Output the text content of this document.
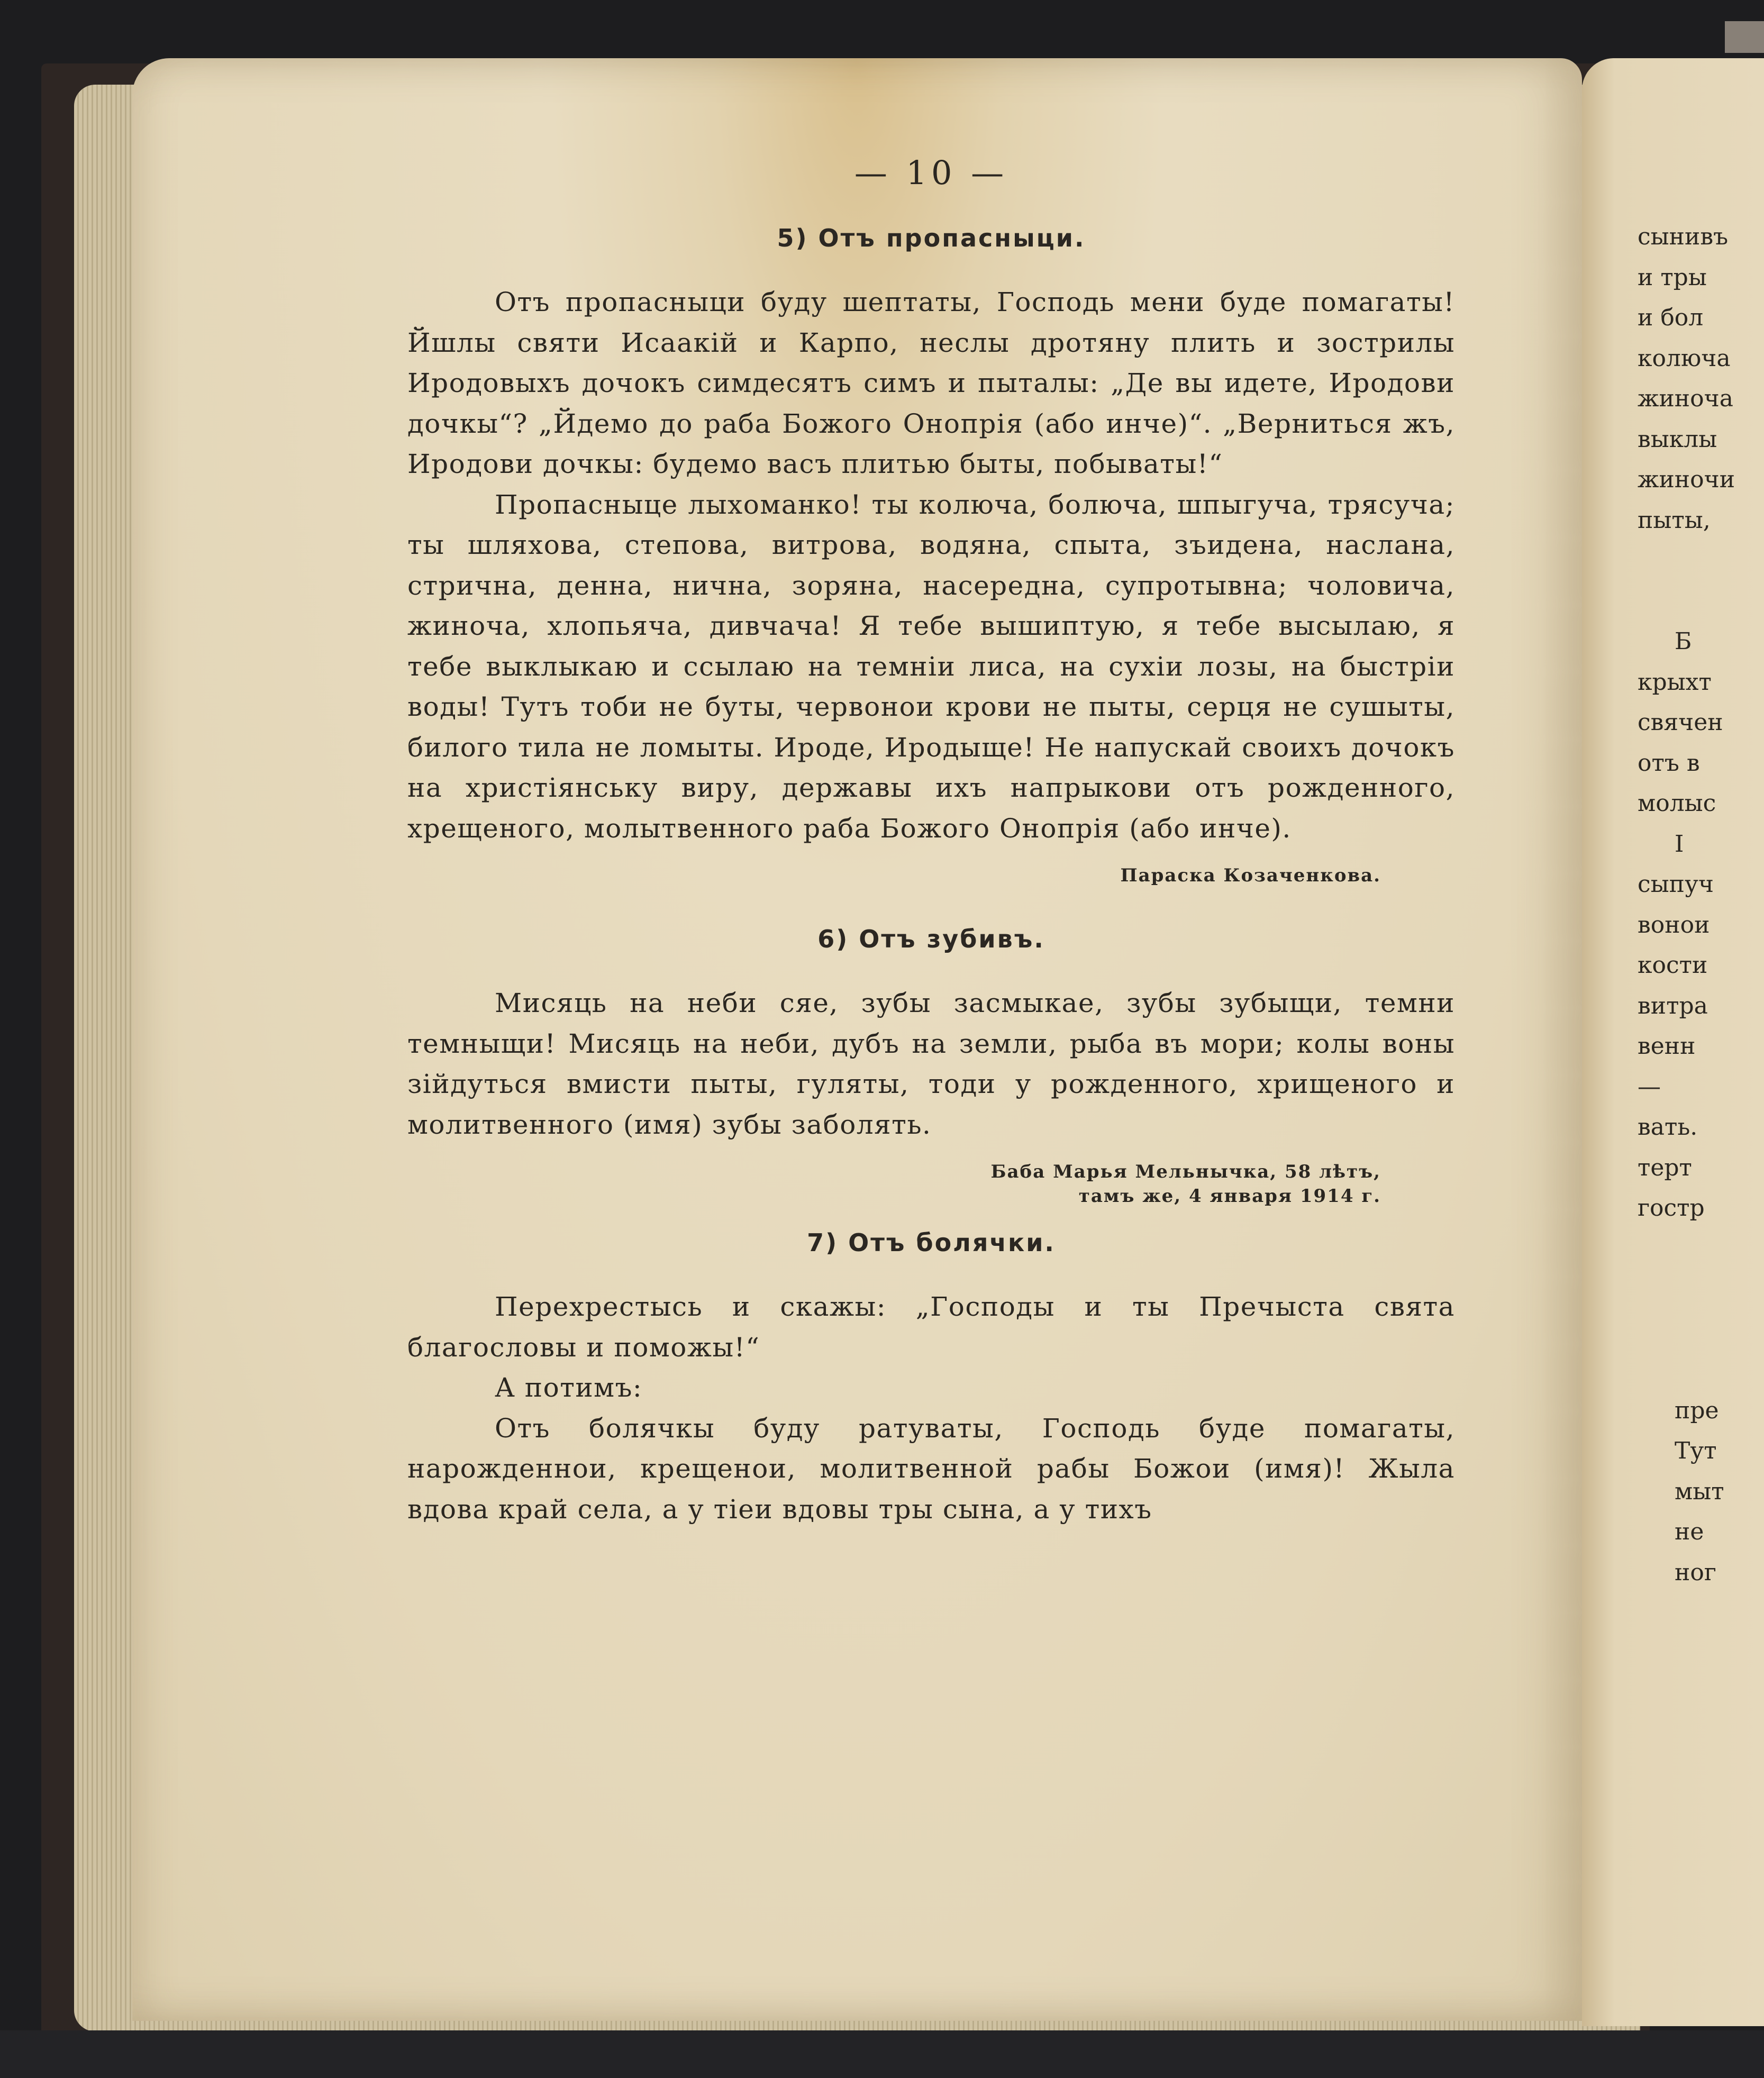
— 10 —
5) Отъ пропасныци.

Отъ пропасныци буду шептаты, Господь мени буде помагаты! Йшлы святи Исаакій и Карпо, неслы дротяну плить и зострилы Иродовыхъ дочокъ симдесятъ симъ и пыталы: „Де вы идете, Иродови дочкы“? „Йдемо до раба Божого Онопрія (або инче)“. „Верниться жъ, Иродови дочкы: будемо васъ плитью быты, побываты!“

Пропасныце лыхоманко! ты колюча, болюча, шпыгуча, трясуча; ты шляхова, степова, витрова, водяна, спыта, зъидена, наслана, стрична, денна, нична, зоряна, насередна, супротывна; чоловича, жиноча, хлопьяча, дивчача! Я тебе вышиптую, я тебе высылаю, я тебе выклыкаю и ссылаю на темніи лиса, на сухіи лозы, на быстріи воды! Тутъ тоби не буты, червонои крови не пыты, серця не сушыты, билого тила не ломыты. Ироде, Иродыще! Не напускай своихъ дочокъ на христіянську виру, державы ихъ напрыкови отъ рожденного, хрещеного, молытвенного раба Божого Онопрія (або инче).

Параска Козаченкова.
6) Отъ зубивъ.

Мисяць на неби сяе, зубы засмыкае, зубы зубыщи, темни темныщи! Мисяць на неби, дубъ на земли, рыба въ мори; колы воны зійдуться вмисти пыты, гуляты, тоди у рожденного, хрищеного и молитвенного (имя) зубы заболять.

Баба Марья Мельнычка, 58 лѣтъ,
тамъ же, 4 января 1914 г.
7) Отъ болячки.

Перехрестысь и скажы: „Господы и ты Пречыста свята благословы и поможы!“

А потимъ:

Отъ болячкы буду ратуваты, Господь буде помагаты, нарожденнои, крещенои, молитвенной рабы Божои (имя)! Жыла вдова край села, а у тіеи вдовы тры сына, а у тихъ

сынивъ
и тры
и бол
колюча
жиноча
выклы
жиночи
пыты,
Б
крыхт
свячен
отъ в
молыс
І
сыпуч
вонои
кости
витра
венн
—
вать.
терт
гостр
пре
Тут
мыт
не
ног
